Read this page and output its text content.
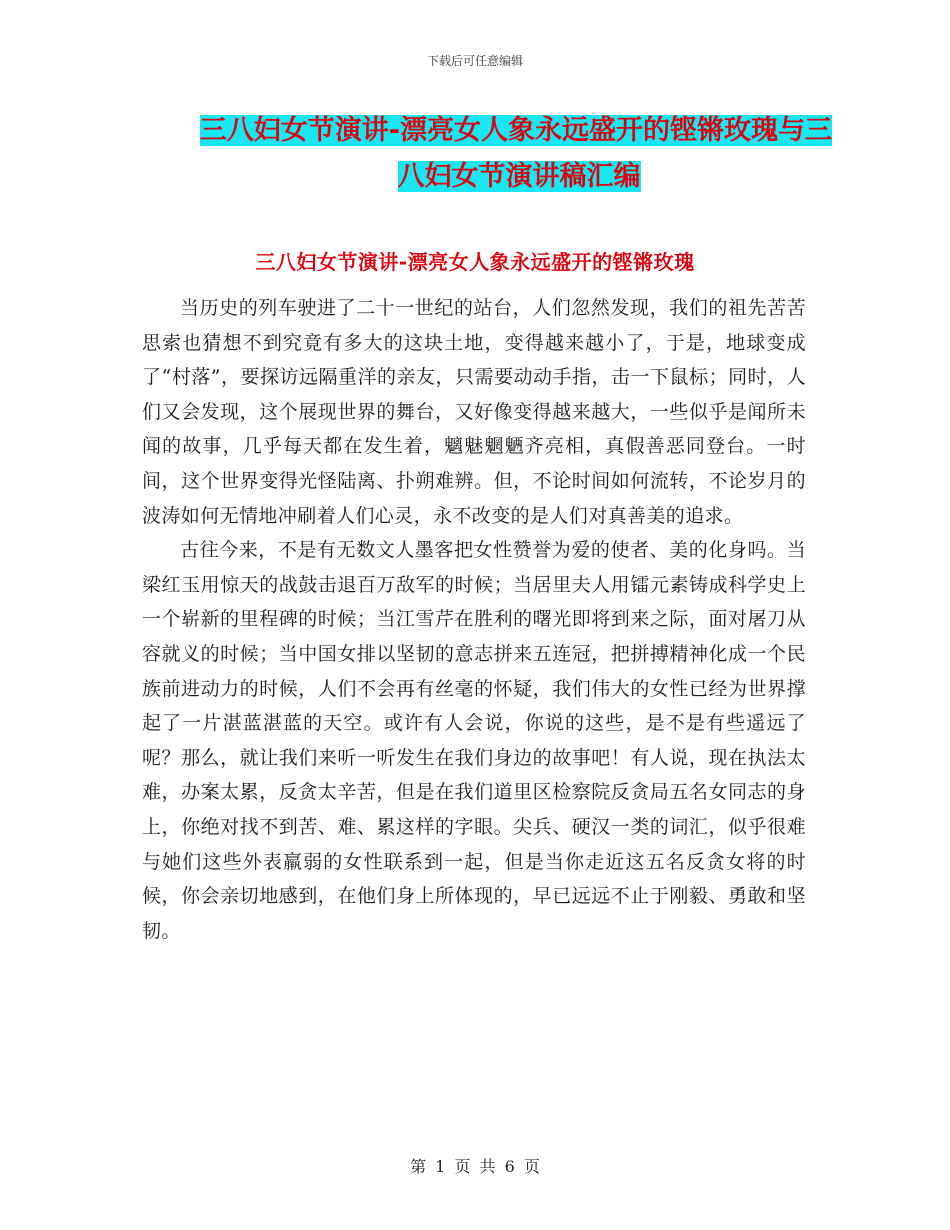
下载后可任意编辑
三八妇女节演讲-漂亮女人象永远盛开的铿锵玫瑰与三
八妇女节演讲稿汇编
三八妇女节演讲-漂亮女人象永远盛开的铿锵玫瑰

当历史的列车驶进了二十一世纪的站台，人们忽然发现，我们的祖先苦苦思索也猜想不到究竟有多大的这块土地，变得越来越小了，于是，地球变成了“村落”，要探访远隔重洋的亲友，只需要动动手指，击一下鼠标；同时，人们又会发现，这个展现世界的舞台，又好像变得越来越大，一些似乎是闻所未闻的故事，几乎每天都在发生着，魑魅魍魉齐亮相，真假善恶同登台。一时间，这个世界变得光怪陆离、扑朔难辨。但，不论时间如何流转，不论岁月的波涛如何无情地冲刷着人们心灵，永不改变的是人们对真善美的追求。

古往今来，不是有无数文人墨客把女性赞誉为爱的使者、美的化身吗。当梁红玉用惊天的战鼓击退百万敌军的时候；当居里夫人用镭元素铸成科学史上一个崭新的里程碑的时候；当江雪芹在胜利的曙光即将到来之际，面对屠刀从容就义的时候；当中国女排以坚韧的意志拼来五连冠，把拼搏精神化成一个民族前进动力的时候，人们不会再有丝毫的怀疑，我们伟大的女性已经为世界撑起了一片湛蓝湛蓝的天空。或许有人会说，你说的这些，是不是有些遥远了呢？那么，就让我们来听一听发生在我们身边的故事吧！有人说，现在执法太难，办案太累，反贪太辛苦，但是在我们道里区检察院反贪局五名女同志的身上，你绝对找不到苦、难、累这样的字眼。尖兵、硬汉一类的词汇，似乎很难与她们这些外表羸弱的女性联系到一起，但是当你走近这五名反贪女将的时候，你会亲切地感到，在他们身上所体现的，早已远远不止于刚毅、勇敢和坚韧。

第 1 页 共 6 页
